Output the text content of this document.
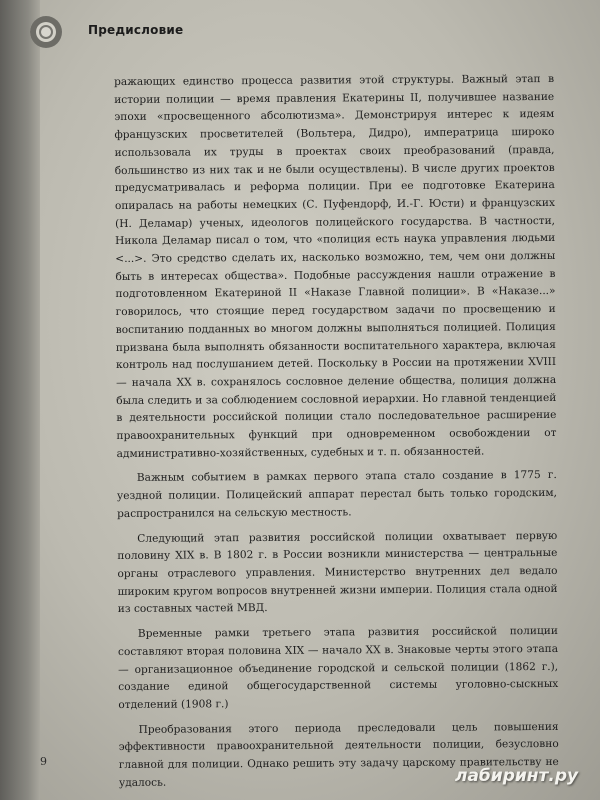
Предисловие

ражающих единство процесса развития этой структуры. Важный этап в истории полиции — время правления Екатерины II, получившее название эпохи «просвещенного абсолютизма». Демонстрируя интерес к идеям французских просветителей (Вольтера, Дидро), императрица широко использовала их труды в проектах своих преобразований (правда, большинство из них так и не были осуществлены). В числе других проектов предусматривалась и реформа полиции. При ее подготовке Екатерина опиралась на работы немецких (С. Пуфендорф, И.-Г. Юсти) и французских (Н. Деламар) ученых, идеологов полицейского государства. В частности, Никола Деламар писал о том, что «полиция есть наука управления людьми <...>. Это средство сделать их, насколько возможно, тем, чем они должны быть в интересах общества». Подобные рассуждения нашли отражение в подготовленном Екатериной II «Наказе Главной полиции». В «Наказе...» говорилось, что стоящие перед государством задачи по просвещению и воспитанию подданных во многом должны выполняться полицией. Полиция призвана была выполнять обязанности воспитательного характера, включая контроль над послушанием детей. Поскольку в России на протяжении XVIII — начала XX в. сохранялось сословное деление общества, полиция должна была следить и за соблюдением сословной иерархии. Но главной тенденцией в деятельности российской полиции стало последовательное расширение правоохранительных функций при одновременном освобождении от административно-хозяйственных, судебных и т. п. обязанностей.

Важным событием в рамках первого этапа стало создание в 1775 г. уездной полиции. Полицейский аппарат перестал быть только городским, распространился на сельскую местность.

Следующий этап развития российской полиции охватывает первую половину XIX в. В 1802 г. в России возникли министерства — центральные органы отраслевого управления. Министерство внутренних дел ведало широким кругом вопросов внутренней жизни империи. Полиция стала одной из составных частей МВД.

Временные рамки третьего этапа развития российской полиции составляют вторая половина XIX — начало XX в. Знаковые черты этого этапа — организационное объединение городской и сельской полиции (1862 г.), создание единой общегосударственной системы уголовно-сыскных отделений (1908 г.)

Преобразования этого периода преследовали цель повышения эффективности правоохранительной деятельности полиции, безусловно главной для полиции. Однако решить эту задачу царскому правительству не удалось.

9
лабиринт.ру
